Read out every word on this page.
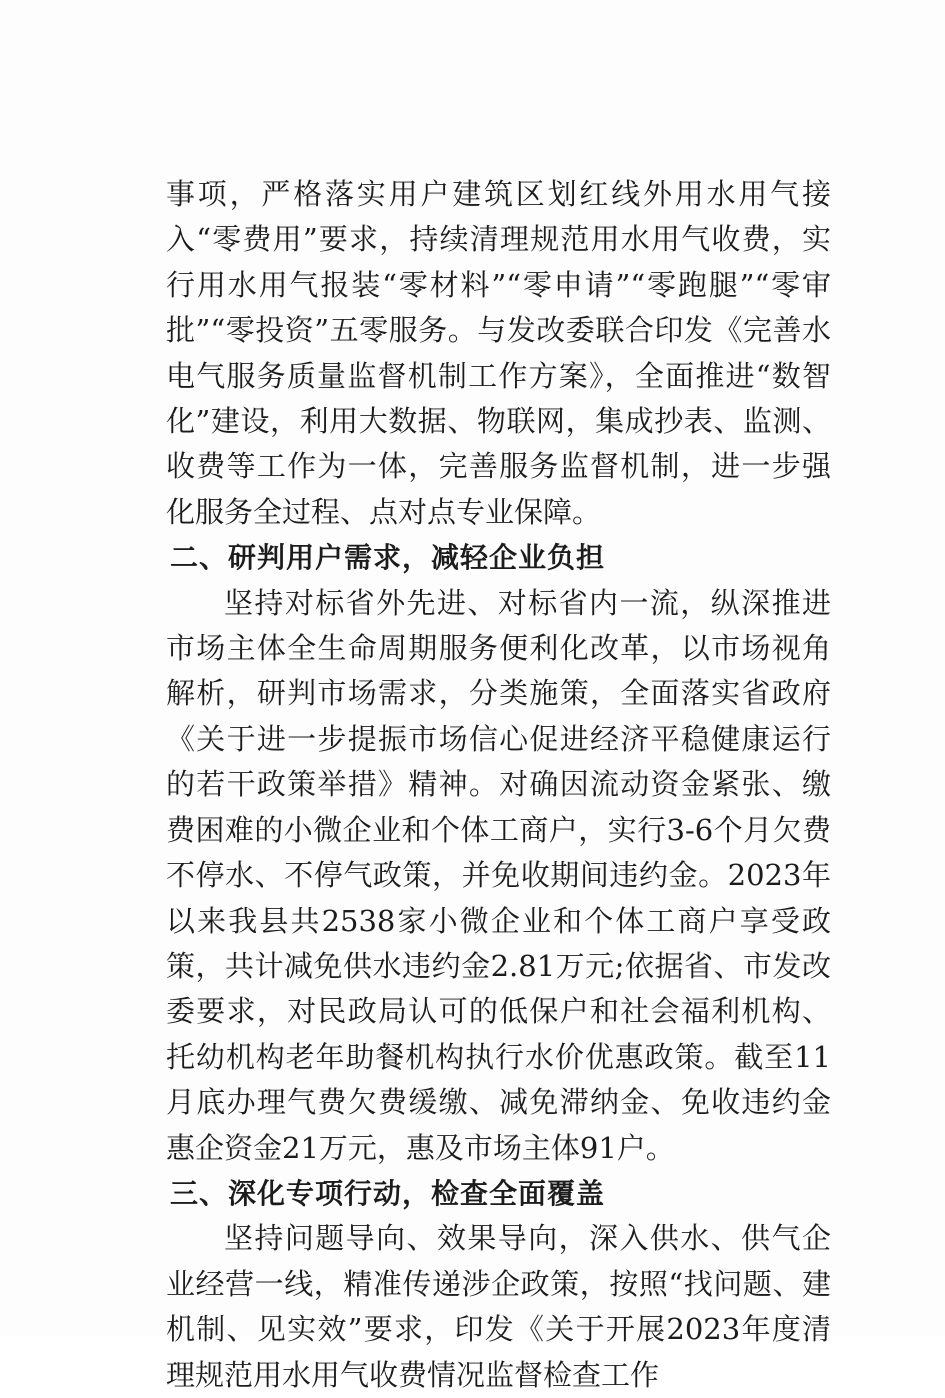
事项，严格落实用户建筑区划红线外用水用气接入“零费用”要求，持续清理规范用水用气收费，实行用水用气报装“零材料”“零申请”“零跑腿”“零审批”“零投资”五零服务。与发改委联合印发《完善水电气服务质量监督机制工作方案》，全面推进“数智化”建设，利用大数据、物联网，集成抄表、监测、收费等工作为一体，完善服务监督机制，进一步强化服务全过程、点对点专业保障。

二、研判用户需求，减轻企业负担

坚持对标省外先进、对标省内一流，纵深推进市场主体全生命周期服务便利化改革，以市场视角解析，研判市场需求，分类施策，全面落实省政府《关于进一步提振市场信心促进经济平稳健康运行的若干政策举措》精神。对确因流动资金紧张、缴费困难的小微企业和个体工商户，实行3-6个月欠费不停水、不停气政策，并免收期间违约金。2023年以来我县共2538家小微企业和个体工商户享受政策，共计减免供水违约金2.81万元;依据省、市发改委要求，对民政局认可的低保户和社会福利机构、托幼机构老年助餐机构执行水价优惠政策。截至11月底办理气费欠费缓缴、减免滞纳金、免收违约金惠企资金21万元，惠及市场主体91户。

三、深化专项行动，检查全面覆盖

坚持问题导向、效果导向，深入供水、供气企业经营一线，精准传递涉企政策，按照“找问题、建机制、见实效”要求，印发《关于开展2023年度清理规范用水用气收费情况监督检查工作
